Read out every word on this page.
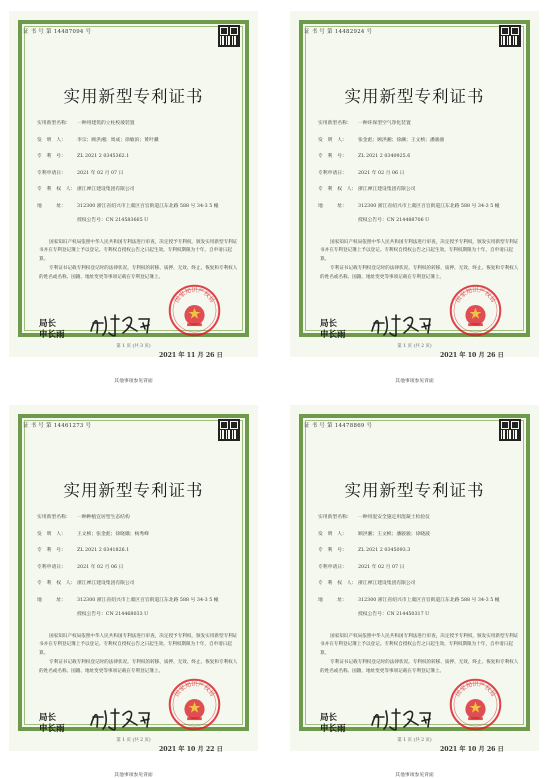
证 书 号 第 14487094 号
实用新型专利证书
实用新型名称：	一种用建筑的立柱校坡装置
发　明　人：	李宗；顾洪湘；周成；徐敏滨；黄叶骥
专　利　号：	ZL 2021 2 0345362.1
专利申请日：	2021 年 02 月 07 日
专　利　权　人： 浙江禅江建设集团有限公司
地　　　址：	312300 浙江省绍兴市上虞区百官街道江东北路 588 号 34-3 5 幢
授权公告号：CN 214583665 U

国家知识产权局依照中华人民共和国专利法进行审查，决定授予专利权，颁发实用新型专利证书并在专利登记簿上予以登记。专利权自授权公告之日起生效。专利权期限为十年，自申请日起算。

专利证书记载专利权登记时的法律状况。专利权的转移、质押、无效、终止、恢复和专利权人的姓名或名称、国籍、地址变更等事项记载在专利登记簿上。

局长
申长雨
国家知识产权局
第 1 页 (共 3 页)
2021 年 11 月 26 日
其他事项参见背面
证 书 号 第 14482924 号
实用新型专利证书
实用新型名称：	一种环保型空气净化装置
发　明　人：	张金彪；顾洪湘；徐澜；王文桢；潘骏骏
专　利　号：	ZL 2021 2 0340925.6
专利申请日：	2021 年 02 月 06 日
专　利　权　人： 浙江禅江建设集团有限公司
地　　　址：	312300 浙江省绍兴市上虞区百官街道江东北路 588 号 34-3 5 幢
授权公告号：CN 214488706 U

国家知识产权局依照中华人民共和国专利法进行审查，决定授予专利权，颁发实用新型专利证书并在专利登记簿上予以登记。专利权自授权公告之日起生效。专利权期限为十年，自申请日起算。

专利证书记载专利权登记时的法律状况。专利权的转移、质押、无效、终止、恢复和专利权人的姓名或名称、国籍、地址变更等事项记载在专利登记簿上。

局长
申长雨
国家知识产权局
第 1 页 (共 2 页)
2021 年 10 月 26 日
其他事项参见背面
证 书 号 第 14461273 号
实用新型专利证书
实用新型名称：	一种种植宜居型生态结构
发　明　人：	王文桢；张金彪；徐晓娥；杨秀峰
专　利　号：	ZL 2021 2 0341826.1
专利申请日：	2021 年 02 月 06 日
专　利　权　人： 浙江禅江建设集团有限公司
地　　　址：	312300 浙江省绍兴市上虞区百官街道江东北路 588 号 34-3 5 幢
授权公告号：CN 214468033 U

国家知识产权局依照中华人民共和国专利法进行审查，决定授予专利权，颁发实用新型专利证书并在专利登记簿上予以登记。专利权自授权公告之日起生效。专利权期限为十年，自申请日起算。

专利证书记载专利权登记时的法律状况。专利权的转移、质押、无效、终止、恢复和专利权人的姓名或名称、国籍、地址变更等事项记载在专利登记簿上。

局长
申长雨
国家知识产权局
第 1 页 (共 2 页)
2021 年 10 月 22 日
其他事项参见背面
证 书 号 第 14478869 号
实用新型专利证书
实用新型名称：	一种用混安全施定用混凝土检验仪
发　明　人：	顾洪湘；王文桢；潘骏骏；徐晓波
专　利　号：	ZL 2021 2 0345093.3
专利申请日：	2021 年 02 月 07 日
专　利　权　人： 浙江禅江建设集团有限公司
地　　　址：	312300 浙江省绍兴市上虞区百官街道江东北路 588 号 34-3 5 幢
授权公告号：CN 214450317 U

国家知识产权局依照中华人民共和国专利法进行审查，决定授予专利权，颁发实用新型专利证书并在专利登记簿上予以登记。专利权自授权公告之日起生效。专利权期限为十年，自申请日起算。

专利证书记载专利权登记时的法律状况。专利权的转移、质押、无效、终止、恢复和专利权人的姓名或名称、国籍、地址变更等事项记载在专利登记簿上。

局长
申长雨
国家知识产权局
第 1 页 (共 2 页)
2021 年 10 月 26 日
其他事项参见背面
